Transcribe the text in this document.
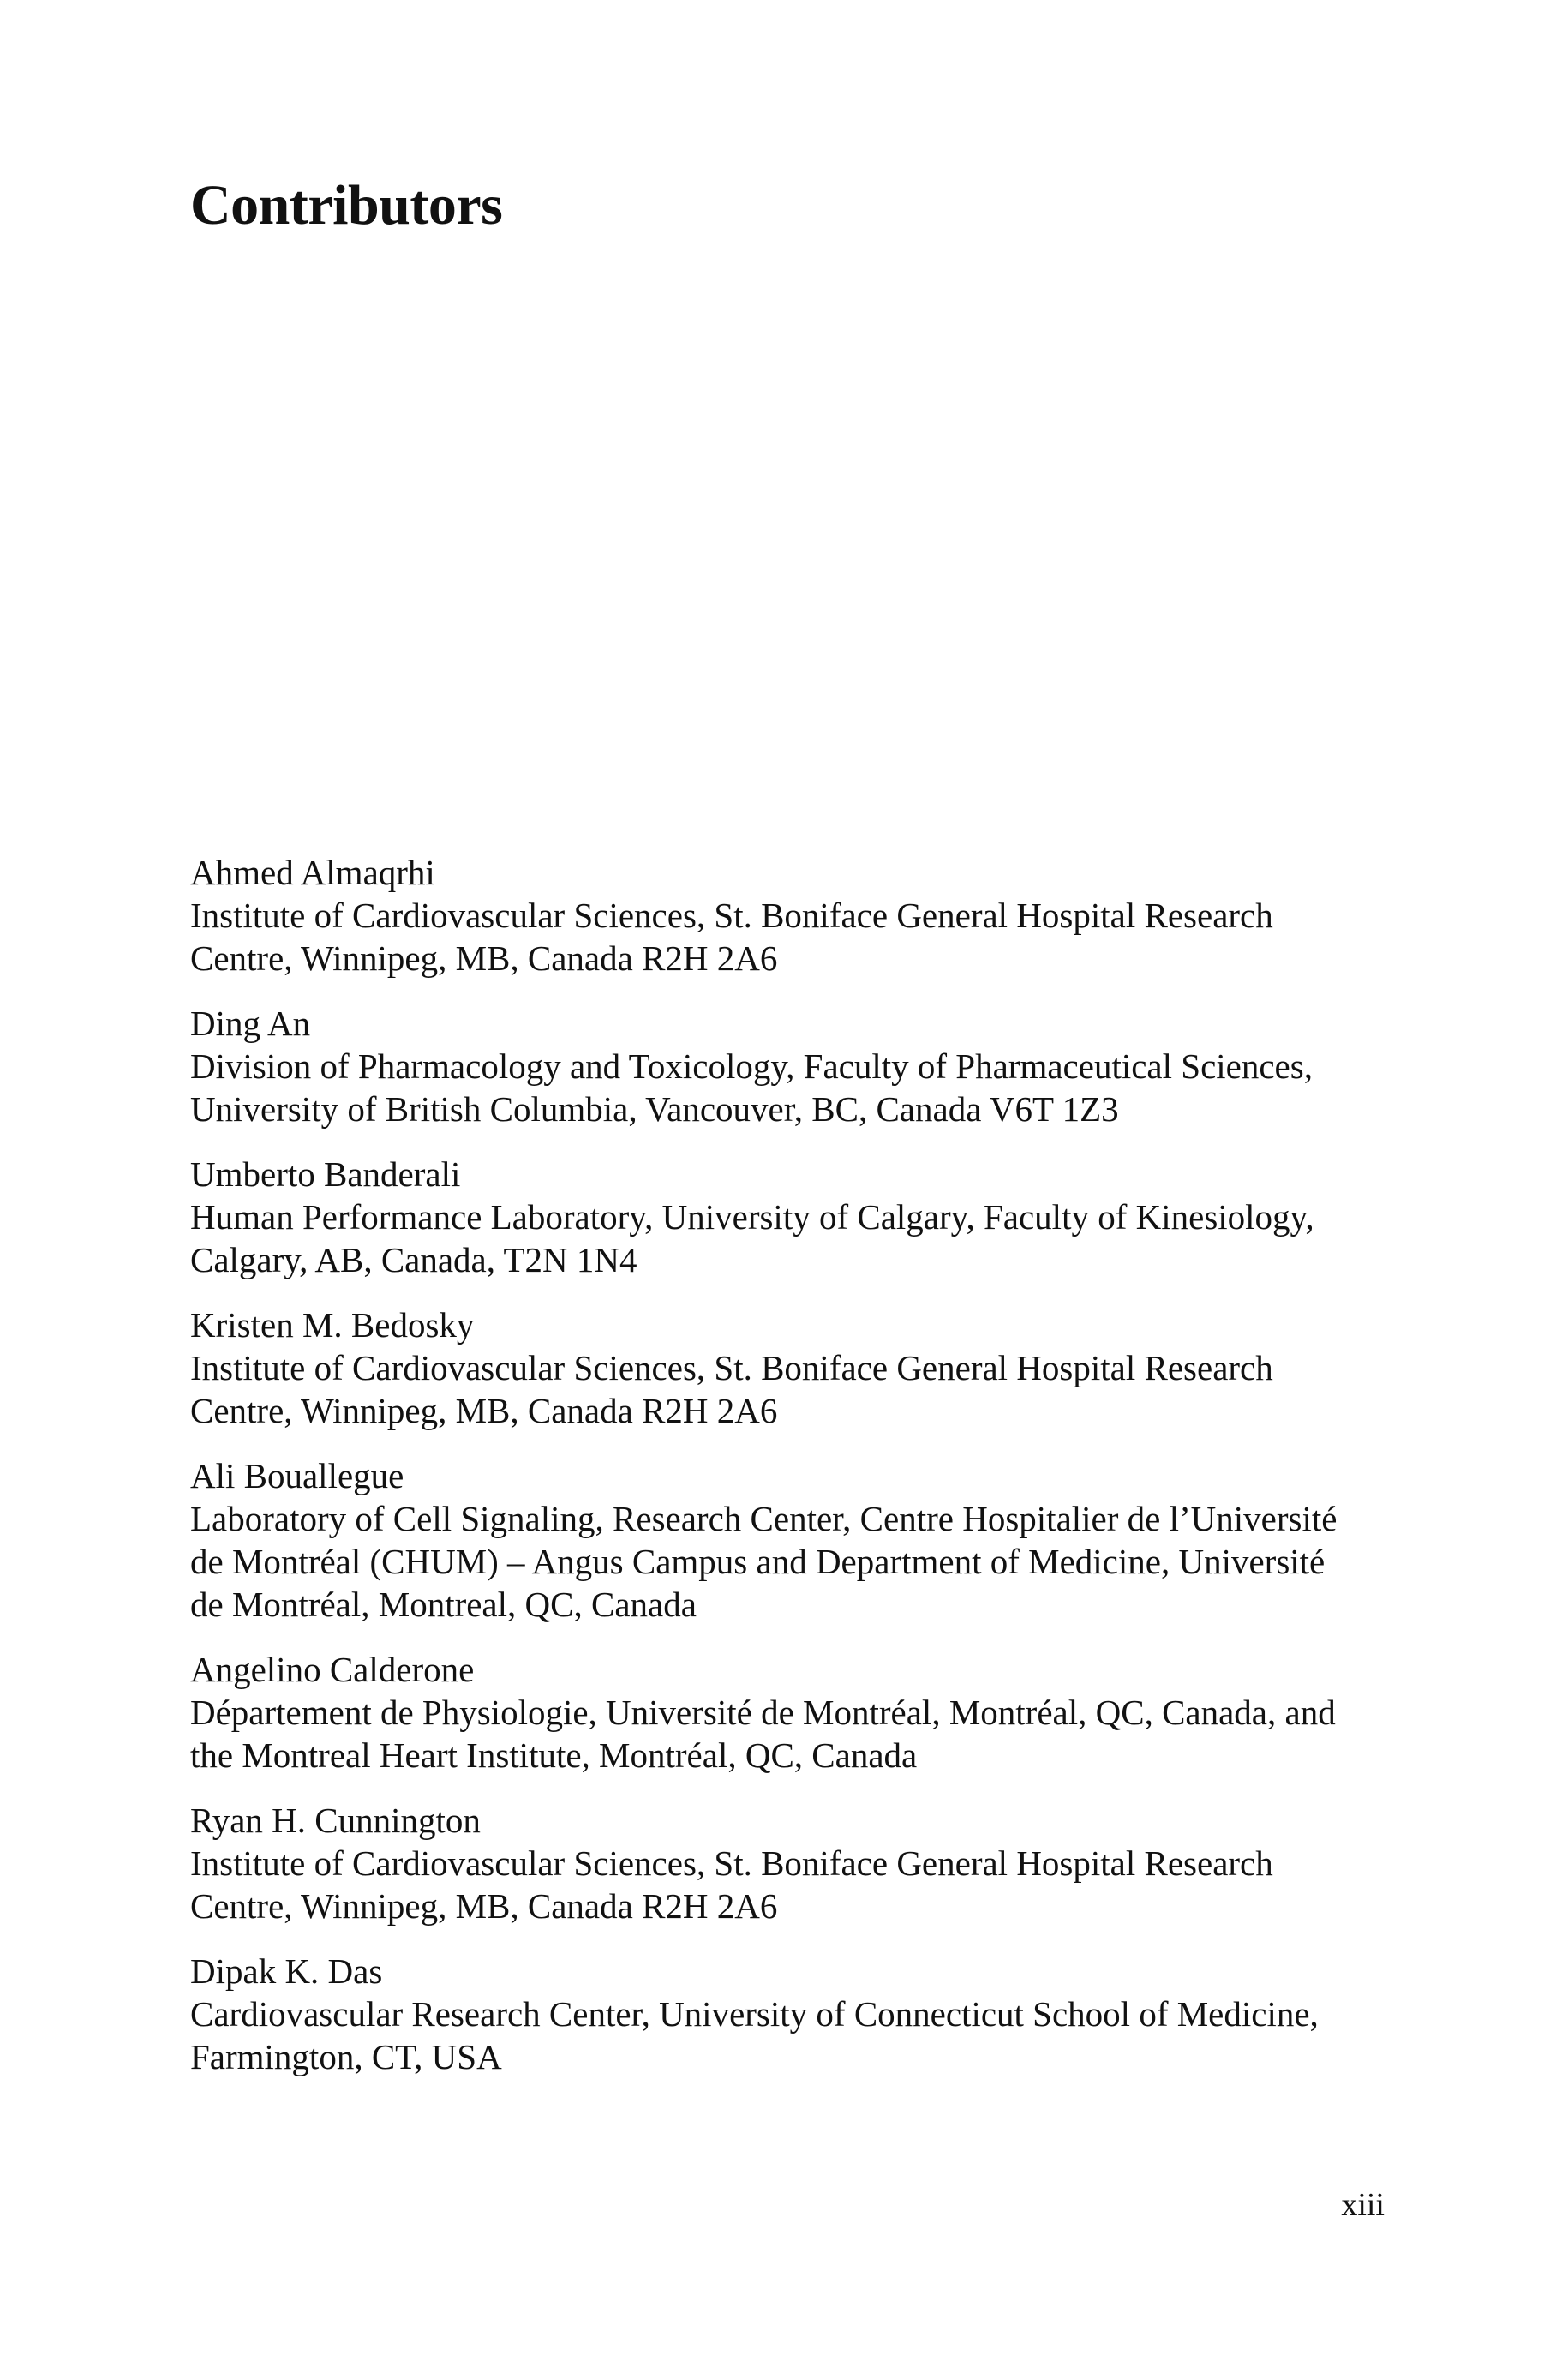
Contributors
Ahmed Almaqrhi
Institute of Cardiovascular Sciences, St. Boniface General Hospital Research
Centre, Winnipeg, MB, Canada R2H 2A6
Ding An
Division of Pharmacology and Toxicology, Faculty of Pharmaceutical Sciences,
University of British Columbia, Vancouver, BC, Canada V6T 1Z3
Umberto Banderali
Human Performance Laboratory, University of Calgary, Faculty of Kinesiology,
Calgary, AB, Canada, T2N 1N4
Kristen M. Bedosky
Institute of Cardiovascular Sciences, St. Boniface General Hospital Research
Centre, Winnipeg, MB, Canada R2H 2A6
Ali Bouallegue
Laboratory of Cell Signaling, Research Center, Centre Hospitalier de l’Université
de Montréal (CHUM) – Angus Campus and Department of Medicine, Université
de Montréal, Montreal, QC, Canada
Angelino Calderone
Département de Physiologie, Université de Montréal, Montréal, QC, Canada, and
the Montreal Heart Institute, Montréal, QC, Canada
Ryan H. Cunnington
Institute of Cardiovascular Sciences, St. Boniface General Hospital Research
Centre, Winnipeg, MB, Canada R2H 2A6
Dipak K. Das
Cardiovascular Research Center, University of Connecticut School of Medicine,
Farmington, CT, USA
xiii
